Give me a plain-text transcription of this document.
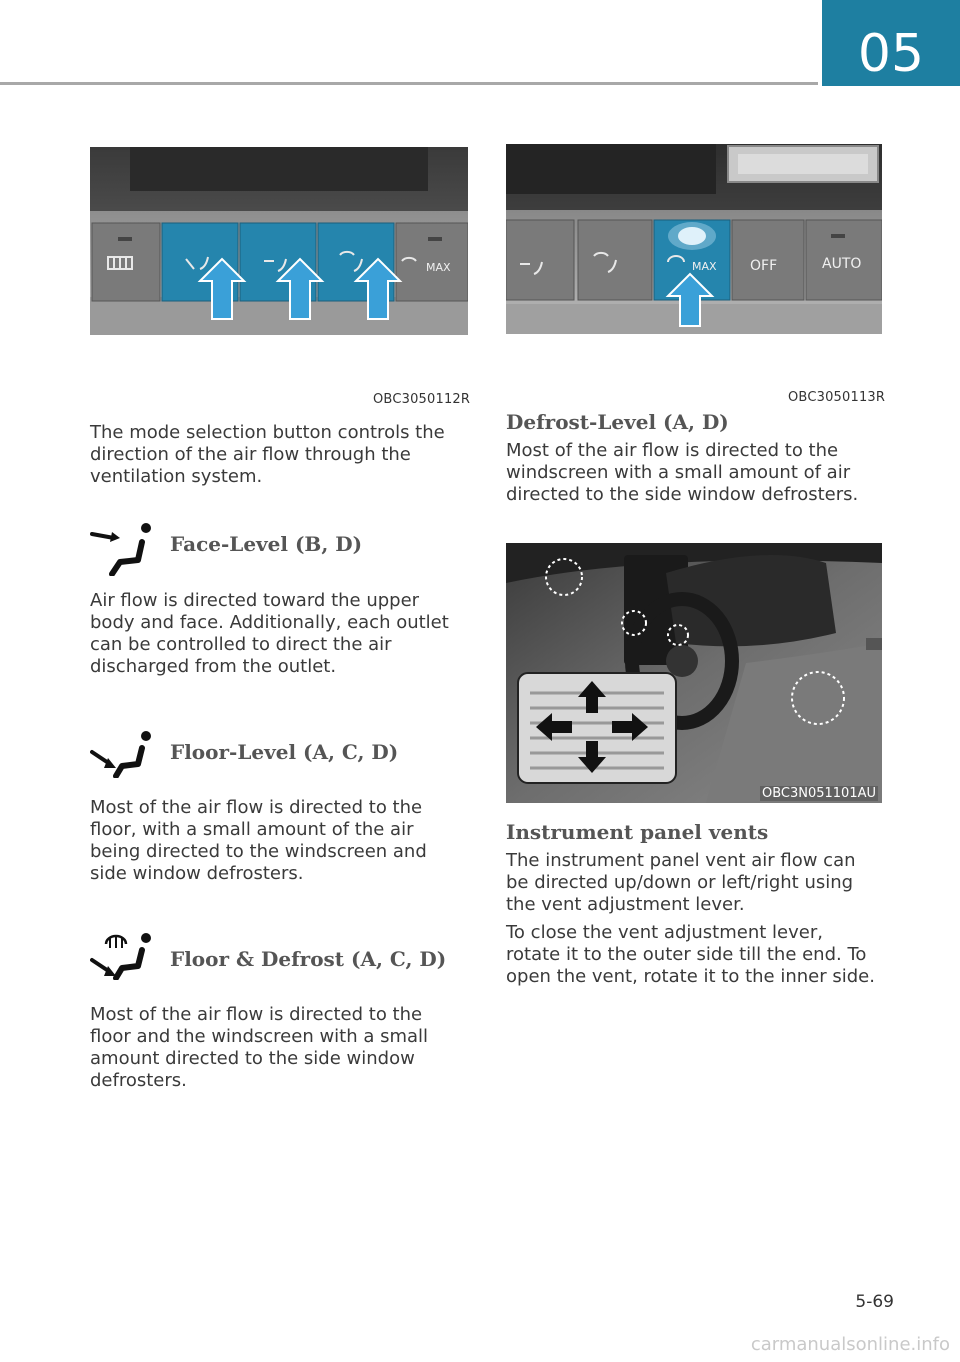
05
MAX
OBC3050112R
MAX OFF	AUTO
OBC3050113R

The mode selection button controls the direction of the air flow through the ventilation system.

Face-Level (B, D)

Air flow is directed toward the upper body and face. Additionally, each outlet can be controlled to direct the air discharged from the outlet.

Floor-Level (A, C, D)

Most of the air flow is directed to the floor, with a small amount of the air being directed to the windscreen and side window defrosters.

Floor & Defrost (A, C, D)

Most of the air flow is directed to the floor and the windscreen with a small amount directed to the side window defrosters.

Defrost-Level (A, D)

Most of the air flow is directed to the windscreen with a small amount of air directed to the side window defrosters.

OBC3N051101AU
Instrument panel vents

The instrument panel vent air flow can be directed up/down or left/right using the vent adjustment lever.

To close the vent adjustment lever, rotate it to the outer side till the end. To open the vent, rotate it to the inner side.

5-69
carmanualsonline.info
